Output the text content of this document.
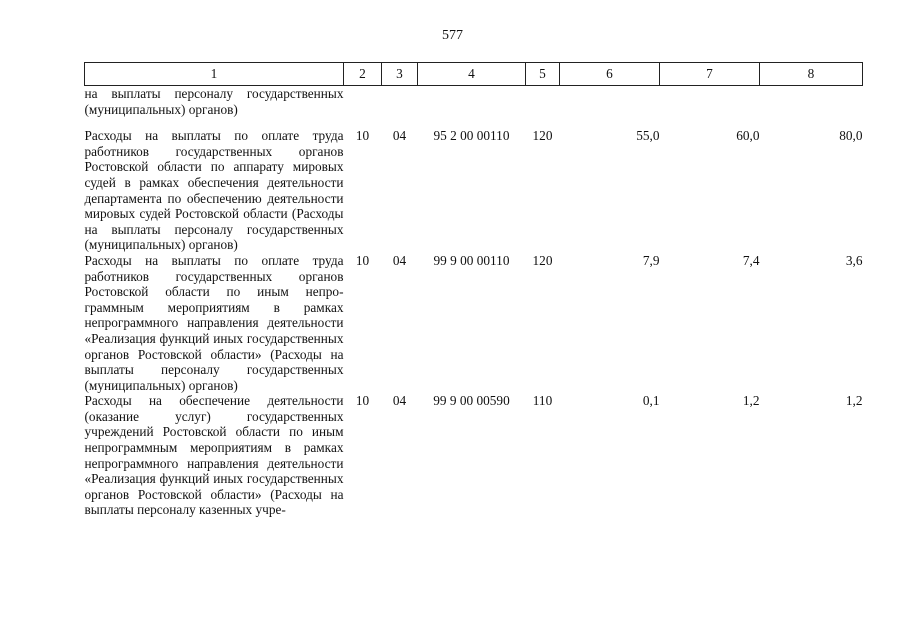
577
1	2	3	4	5	6	7	8
на выплаты персоналу государственных (муниципальных) органов)							
Расходы на выплаты по оплате труда работников государственных органов Ростовской области по аппарату мировых судей в рамках обеспечения деятельности департамента по обеспечению деятельности мировых судей Ростовской области (Расходы на выплаты персоналу государственных (муниципальных) органов)	10	04	95 2 00 00110	120	55,0	60,0	80,0
Расходы на выплаты по оплате труда работников государственных органов Ростовской области по иным непрограммным мероприятиям в рамках непрограммного направления деятельности «Реализация функций иных государственных органов Ростовской области» (Расходы на выплаты персоналу государственных (муниципальных) органов)	10	04	99 9 00 00110	120	7,9	7,4	3,6
Расходы на обеспечение деятельности (оказание услуг) государственных учреждений Ростовской области по иным непрограммным мероприятиям в рамках непрограммного направления деятельности «Реализация функций иных государственных органов Ростовской области» (Расходы на выплаты персоналу казенных учре-	10	04	99 9 00 00590	110	0,1	1,2	1,2
